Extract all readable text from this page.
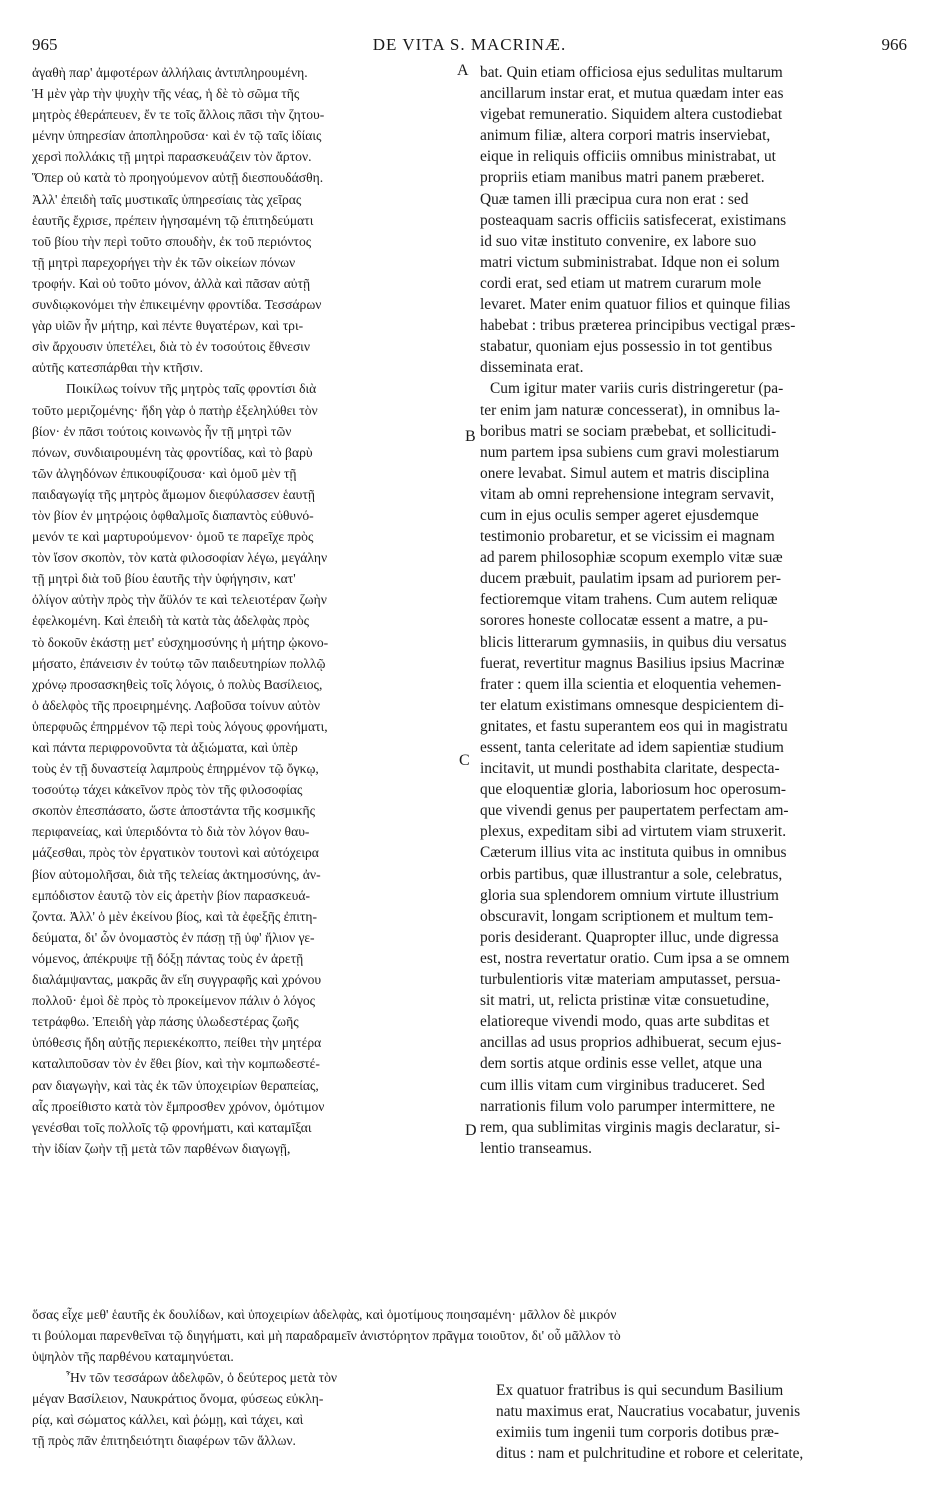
965	DE VITA S. MACRINÆ.	966
ἀγαθὴ παρ' ἀμφοτέρων ἀλλήλαις ἀντιπληρουμένη.
Ἡ μὲν γὰρ τὴν ψυχὴν τῆς νέας, ἡ δὲ τὸ σῶμα τῆς
μητρὸς ἐθεράπευεν, ἔν τε τοῖς ἄλλοις πᾶσι τὴν ζητου-
μένην ὑπηρεσίαν ἀποπληροῦσα· καὶ ἐν τῷ ταῖς ἰδίαις
χερσὶ πολλάκις τῇ μητρὶ παρασκευάζειν τὸν ἄρτον.
Ὅπερ οὐ κατὰ τὸ προηγούμενον αὐτῇ διεσπουδάσθη.
Ἀλλ' ἐπειδὴ ταῖς μυστικαῖς ὑπηρεσίαις τὰς χεῖρας
ἑαυτῆς ἔχρισε, πρέπειν ἡγησαμένη τῷ ἐπιτηδεύματι
τοῦ βίου τὴν περὶ τοῦτο σπουδὴν, ἐκ τοῦ περιόντος
τῇ μητρὶ παρεχορήγει τὴν ἐκ τῶν οἰκείων πόνων
τροφήν. Καὶ οὐ τοῦτο μόνον, ἀλλὰ καὶ πᾶσαν αὐτῇ
συνδιῳκονόμει τὴν ἐπικειμένην φροντίδα. Τεσσάρων
γὰρ υἱῶν ἦν μήτηρ, καὶ πέντε θυγατέρων, καὶ τρι-
σὶν ἄρχουσιν ὑπετέλει, διὰ τὸ ἐν τοσούτοις ἔθνεσιν
αὐτῆς κατεσπάρθαι τὴν κτῆσιν.
Ποικίλως τοίνυν τῆς μητρὸς ταῖς φροντίσι διὰ
τοῦτο μεριζομένης· ἤδη γὰρ ὁ πατὴρ ἐξεληλύθει τὸν
βίον· ἐν πᾶσι τούτοις κοινωνὸς ἦν τῇ μητρὶ τῶν
πόνων, συνδιαιρουμένη τὰς φροντίδας, καὶ τὸ βαρὺ
τῶν ἀλγηδόνων ἐπικουφίζουσα· καὶ ὁμοῦ μὲν τῇ
παιδαγωγίᾳ τῆς μητρὸς ἄμωμον διεφύλασσεν ἑαυτῇ
τὸν βίον ἐν μητρῴοις ὀφθαλμοῖς διαπαντὸς εὐθυνό-
μενόν τε καὶ μαρτυρούμενον· ὁμοῦ τε παρεῖχε πρὸς
τὸν ἴσον σκοπὸν, τὸν κατὰ φιλοσοφίαν λέγω, μεγάλην
τῇ μητρὶ διὰ τοῦ βίου ἑαυτῆς τὴν ὑφήγησιν, κατ'
ὀλίγον αὐτὴν πρὸς τὴν ἄϋλόν τε καὶ τελειοτέραν ζωὴν
ἐφελκομένη. Καὶ ἐπειδὴ τὰ κατὰ τὰς ἀδελφὰς πρὸς
τὸ δοκοῦν ἑκάστῃ μετ' εὐσχημοσύνης ἡ μήτηρ ᾠκονο-
μήσατο, ἐπάνεισιν ἐν τούτῳ τῶν παιδευτηρίων πολλῷ
χρόνῳ προσασκηθεὶς τοῖς λόγοις, ὁ πολὺς Βασίλειος,
ὁ ἀδελφὸς τῆς προειρημένης. Λαβοῦσα τοίνυν αὐτὸν
ὑπερφυῶς ἐπηρμένον τῷ περὶ τοὺς λόγους φρονήματι,
καὶ πάντα περιφρονοῦντα τὰ ἀξιώματα, καὶ ὑπὲρ
τοὺς ἐν τῇ δυναστείᾳ λαμπροὺς ἐπηρμένον τῷ ὄγκῳ,
τοσούτῳ τάχει κἀκεῖνον πρὸς τὸν τῆς φιλοσοφίας
σκοπὸν ἐπεσπάσατο, ὥστε ἀποστάντα τῆς κοσμικῆς
περιφανείας, καὶ ὑπεριδόντα τὸ διὰ τὸν λόγον θαυ-
μάζεσθαι, πρὸς τὸν ἐργατικὸν τουτονὶ καὶ αὐτόχειρα
βίον αὐτομολῆσαι, διὰ τῆς τελείας ἀκτημοσύνης, ἀν-
εμπόδιστον ἑαυτῷ τὸν εἰς ἀρετὴν βίον παρασκευά-
ζοντα. Ἀλλ' ὁ μὲν ἐκείνου βίος, καὶ τὰ ἐφεξῆς ἐπιτη-
δεύματα, δι' ὧν ὀνομαστὸς ἐν πάσῃ τῇ ὑφ' ἥλιον γε-
νόμενος, ἀπέκρυψε τῇ δόξῃ πάντας τοὺς ἐν ἀρετῇ
διαλάμψαντας, μακρᾶς ἂν εἴη συγγραφῆς καὶ χρόνου
πολλοῦ· ἐμοὶ δὲ πρὸς τὸ προκείμενον πάλιν ὁ λόγος
τετράφθω. Ἐπειδὴ γὰρ πάσης ὑλωδεστέρας ζωῆς
ὑπόθεσις ἤδη αὐτῇς περιεκέκοπτο, πείθει τὴν μητέρα
καταλιποῦσαν τὸν ἐν ἔθει βίον, καὶ τὴν κομπωδεστέ-
ραν διαγωγὴν, καὶ τὰς ἐκ τῶν ὑποχειρίων θεραπείας,
αἷς προείθιστο κατὰ τὸν ἔμπροσθεν χρόνον, ὁμότιμον
γενέσθαι τοῖς πολλοῖς τῷ φρονήματι, καὶ καταμῖξαι
τὴν ἰδίαν ζωὴν τῇ μετὰ τῶν παρθένων διαγωγῇ,
bat. Quin etiam officiosa ejus sedulitas multarum
ancillarum instar erat, et mutua quædam inter eas
vigebat remuneratio. Siquidem altera custodiebat
animum filiæ, altera corpori matris inserviebat,
eique in reliquis officiis omnibus ministrabat, ut
propriis etiam manibus matri panem præberet.
Quæ tamen illi præcipua cura non erat : sed
posteaquam sacris officiis satisfecerat, existimans
id suo vitæ instituto convenire, ex labore suo
matri victum subministrabat. Idque non ei solum
cordi erat, sed etiam ut matrem curarum mole
levaret. Mater enim quatuor filios et quinque filias
habebat : tribus præterea principibus vectigal præs-
stabatur, quoniam ejus possessio in tot gentibus
disseminata erat.
Cum igitur mater variis curis distringeretur (pa-
ter enim jam naturæ concesserat), in omnibus la-
boribus matri se sociam præbebat, et sollicitudi-
num partem ipsa subiens cum gravi molestiarum
onere levabat. Simul autem et matris disciplina
vitam ab omni reprehensione integram servavit,
cum in ejus oculis semper ageret ejusdemque
testimonio probaretur, et se vicissim ei magnam
ad parem philosophiæ scopum exemplo vitæ suæ
ducem præbuit, paulatim ipsam ad puriorem per-
fectioremque vitam trahens. Cum autem reliquæ
sorores honeste collocatæ essent a matre, a pu-
blicis litterarum gymnasiis, in quibus diu versatus
fuerat, revertitur magnus Basilius ipsius Macrinæ
frater : quem illa scientia et eloquentia vehemen-
ter elatum existimans omnesque despicientem di-
gnitates, et fastu superantem eos qui in magistratu
essent, tanta celeritate ad idem sapientiæ studium
incitavit, ut mundi posthabita claritate, despecta-
que eloquentiæ gloria, laboriosum hoc operosum-
que vivendi genus per paupertatem perfectam am-
plexus, expeditam sibi ad virtutem viam struxerit.
Cæterum illius vita ac instituta quibus in omnibus
orbis partibus, quæ illustrantur a sole, celebratus,
gloria sua splendorem omnium virtute illustrium
obscuravit, longam scriptionem et multum tem-
poris desiderant. Quapropter illuc, unde digressa
est, nostra revertatur oratio. Cum ipsa a se omnem
turbulentioris vitæ materiam amputasset, persua-
sit matri, ut, relicta pristinæ vitæ consuetudine,
elatioreque vivendi modo, quas arte subditas et
ancillas ad usus proprios adhibuerat, secum ejus-
dem sortis atque ordinis esse vellet, atque una
cum illis vitam cum virginibus traduceret. Sed
narrationis filum volo parumper intermittere, ne
rem, qua sublimitas virginis magis declaratur, si-
lentio transeamus.
A
B
C
D
ὅσας εἶχε μεθ' ἑαυτῆς ἐκ δουλίδων, καὶ ὑποχειρίων ἀδελφὰς, καὶ ὁμοτίμους ποιησαμένη· μᾶλλον δὲ μικρόν
τι βούλομαι παρενθεῖναι τῷ διηγήματι, καὶ μὴ παραδραμεῖν ἀνιστόρητον πρᾶγμα τοιοῦτον, δι' οὗ μᾶλλον τὸ
ὑψηλὸν τῆς παρθένου καταμηνύεται.
Ἦν τῶν τεσσάρων ἀδελφῶν, ὁ δεύτερος μετὰ τὸν
μέγαν Βασίλειον, Ναυκράτιος ὄνομα, φύσεως εὐκλη-
ρίᾳ, καὶ σώματος κάλλει, καὶ ῥώμῃ, καὶ τάχει, καὶ
τῇ πρὸς πᾶν ἐπιτηδειότητι διαφέρων τῶν ἄλλων.
Ex quatuor fratribus is qui secundum Basilium
natu maximus erat, Naucratius vocabatur, juvenis
eximiis tum ingenii tum corporis dotibus præ-
ditus : nam et pulchritudine et robore et celeritate,
